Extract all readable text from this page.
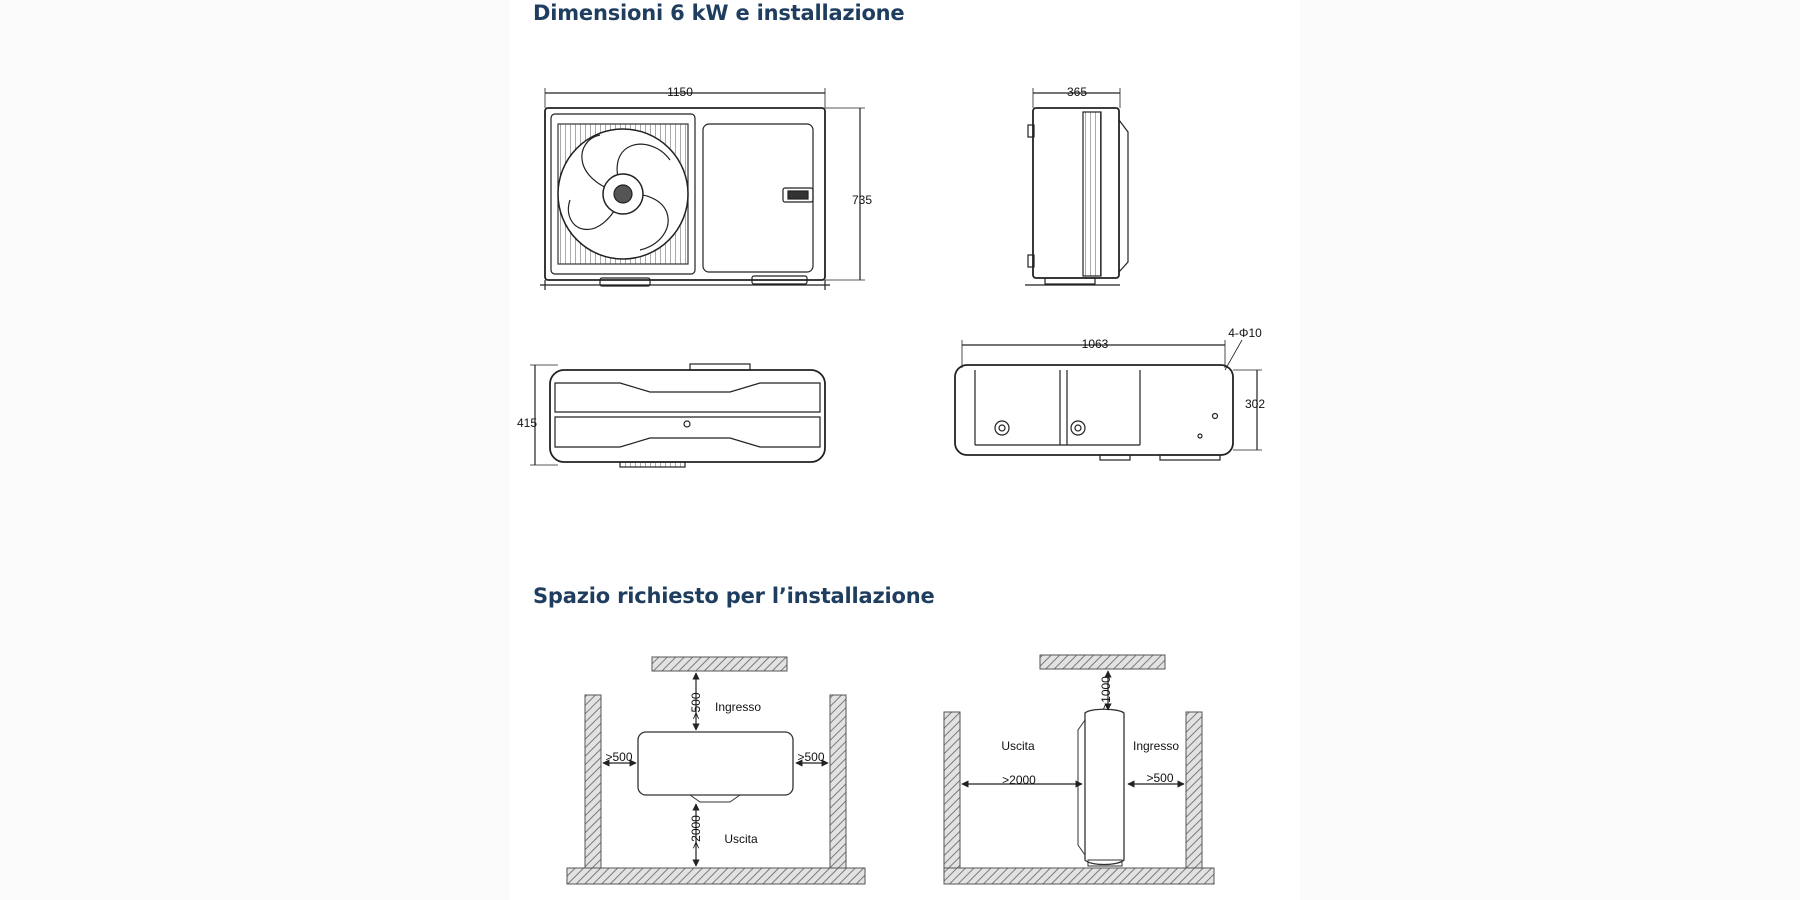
Dimensioni 6 kW e installazione
Spazio richiesto per l’installazione
1150
735
365
415
1063
302
4-Φ10
>500
>500	>500
>2000
Ingresso
Uscita
>1000
Uscita	Ingresso
>2000	>500
